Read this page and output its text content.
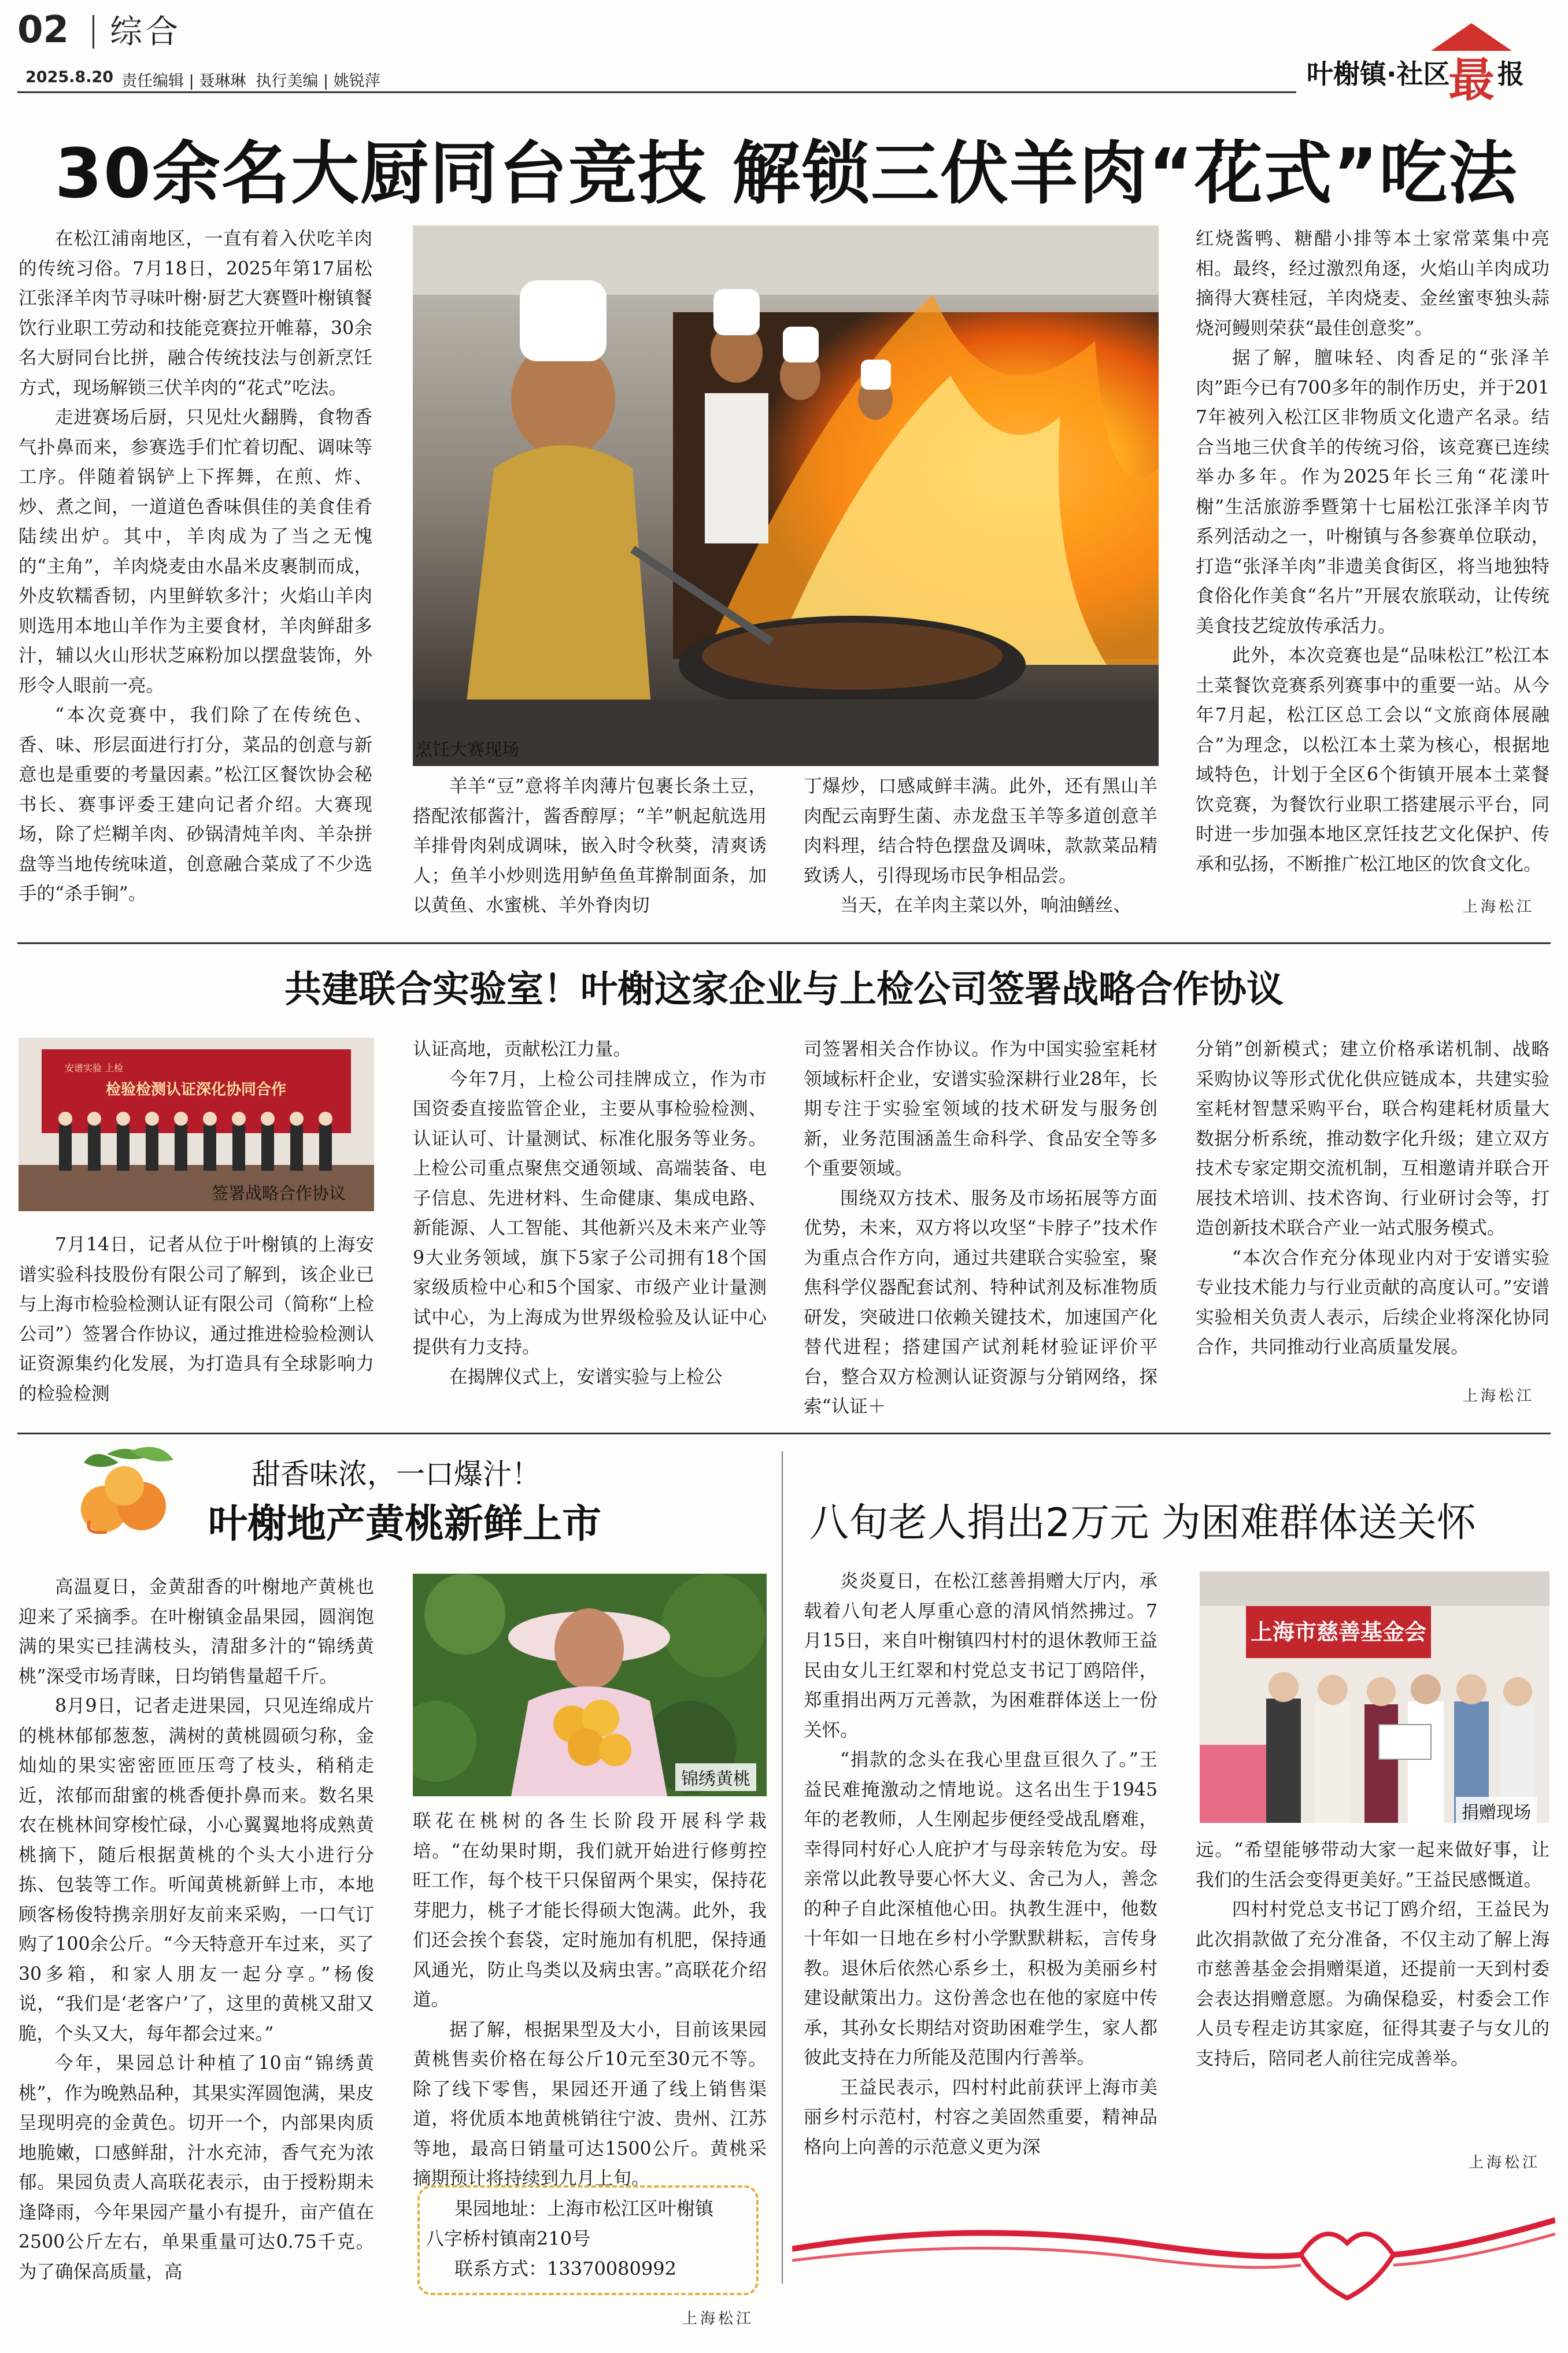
02 综合
2025.8.20 责任编辑 | 聂琳琳  执行美编 | 姚锐萍	叶榭镇·社区
最 报
30余名大厨同台竞技 解锁三伏羊肉“花式”吃法

在松江浦南地区，一直有着入伏吃羊肉的传统习俗。7月18日，2025年第17届松江张泽羊肉节寻味叶榭·厨艺大赛暨叶榭镇餐饮行业职工劳动和技能竞赛拉开帷幕，30余名大厨同台比拼，融合传统技法与创新烹饪方式，现场解锁三伏羊肉的“花式”吃法。

走进赛场后厨，只见灶火翻腾，食物香气扑鼻而来，参赛选手们忙着切配、调味等工序。伴随着锅铲上下挥舞，在煎、炸、炒、煮之间，一道道色香味俱佳的美食佳肴陆续出炉。其中，羊肉成为了当之无愧的“主角”，羊肉烧麦由水晶米皮裹制而成，外皮软糯香韧，内里鲜软多汁；火焰山羊肉则选用本地山羊作为主要食材，羊肉鲜甜多汁，辅以火山形状芝麻粉加以摆盘装饰，外形令人眼前一亮。

“本次竞赛中，我们除了在传统色、香、味、形层面进行打分，菜品的创意与新意也是重要的考量因素。”松江区餐饮协会秘书长、赛事评委王建向记者介绍。大赛现场，除了烂糊羊肉、砂锅清炖羊肉、羊杂拼盘等当地传统味道，创意融合菜成了不少选手的“杀手锏”。

烹饪大赛现场

羊羊“豆”意将羊肉薄片包裹长条土豆，搭配浓郁酱汁，酱香醇厚；“羊”帆起航选用羊排骨肉剁成调味，嵌入时令秋葵，清爽诱人；鱼羊小炒则选用鲈鱼鱼茸擀制面条，加以黄鱼、水蜜桃、羊外脊肉切

丁爆炒，口感咸鲜丰满。此外，还有黑山羊肉配云南野生菌、赤龙盘玉羊等多道创意羊肉料理，结合特色摆盘及调味，款款菜品精致诱人，引得现场市民争相品尝。

当天，在羊肉主菜以外，响油鳝丝、

红烧酱鸭、糖醋小排等本土家常菜集中亮相。最终，经过激烈角逐，火焰山羊肉成功摘得大赛桂冠，羊肉烧麦、金丝蜜枣独头蒜烧河鳗则荣获“最佳创意奖”。

据了解，膻味轻、肉香足的“张泽羊肉”距今已有700多年的制作历史，并于2017年被列入松江区非物质文化遗产名录。结合当地三伏食羊的传统习俗，该竞赛已连续举办多年。作为2025年长三角“花漾叶榭”生活旅游季暨第十七届松江张泽羊肉节系列活动之一，叶榭镇与各参赛单位联动，打造“张泽羊肉”非遗美食街区，将当地独特食俗化作美食“名片”开展农旅联动，让传统美食技艺绽放传承活力。

此外，本次竞赛也是“品味松江”松江本土菜餐饮竞赛系列赛事中的重要一站。从今年7月起，松江区总工会以“文旅商体展融合”为理念，以松江本土菜为核心，根据地域特色，计划于全区6个街镇开展本土菜餐饮竞赛，为餐饮行业职工搭建展示平台，同时进一步加强本地区烹饪技艺文化保护、传承和弘扬，不断推广松江地区的饮食文化。

上海松江
共建联合实验室！叶榭这家企业与上检公司签署战略合作协议
安谱实验 上检
检验检测认证深化协同合作
签署战略合作协议

7月14日，记者从位于叶榭镇的上海安谱实验科技股份有限公司了解到，该企业已与上海市检验检测认证有限公司（简称“上检公司”）签署合作协议，通过推进检验检测认证资源集约化发展，为打造具有全球影响力的检验检测

认证高地，贡献松江力量。

今年7月，上检公司挂牌成立，作为市国资委直接监管企业，主要从事检验检测、认证认可、计量测试、标准化服务等业务。上检公司重点聚焦交通领域、高端装备、电子信息、先进材料、生命健康、集成电路、新能源、人工智能、其他新兴及未来产业等9大业务领域，旗下5家子公司拥有18个国家级质检中心和5个国家、市级产业计量测试中心，为上海成为世界级检验及认证中心提供有力支持。

在揭牌仪式上，安谱实验与上检公

司签署相关合作协议。作为中国实验室耗材领域标杆企业，安谱实验深耕行业28年，长期专注于实验室领域的技术研发与服务创新，业务范围涵盖生命科学、食品安全等多个重要领域。

围绕双方技术、服务及市场拓展等方面优势，未来，双方将以攻坚“卡脖子”技术作为重点合作方向，通过共建联合实验室，聚焦科学仪器配套试剂、特种试剂及标准物质研发，突破进口依赖关键技术，加速国产化替代进程；搭建国产试剂耗材验证评价平台，整合双方检测认证资源与分销网络，探索“认证＋

分销”创新模式；建立价格承诺机制、战略采购协议等形式优化供应链成本，共建实验室耗材智慧采购平台，联合构建耗材质量大数据分析系统，推动数字化升级；建立双方技术专家定期交流机制，互相邀请并联合开展技术培训、技术咨询、行业研讨会等，打造创新技术联合产业一站式服务模式。

“本次合作充分体现业内对于安谱实验专业技术能力与行业贡献的高度认可。”安谱实验相关负责人表示，后续企业将深化协同合作，共同推动行业高质量发展。

上海松江
甜香味浓，一口爆汁！
叶榭地产黄桃新鲜上市

高温夏日，金黄甜香的叶榭地产黄桃也迎来了采摘季。在叶榭镇金晶果园，圆润饱满的果实已挂满枝头，清甜多汁的“锦绣黄桃”深受市场青睐，日均销售量超千斤。

8月9日，记者走进果园，只见连绵成片的桃林郁郁葱葱，满树的黄桃圆硕匀称，金灿灿的果实密密匝匝压弯了枝头，稍稍走近，浓郁而甜蜜的桃香便扑鼻而来。数名果农在桃林间穿梭忙碌，小心翼翼地将成熟黄桃摘下，随后根据黄桃的个头大小进行分拣、包装等工作。听闻黄桃新鲜上市，本地顾客杨俊特携亲朋好友前来采购，一口气订购了100余公斤。“今天特意开车过来，买了30多箱，和家人朋友一起分享。”杨俊说，“我们是‘老客户’了，这里的黄桃又甜又脆，个头又大，每年都会过来。”

今年，果园总计种植了10亩“锦绣黄桃”，作为晚熟品种，其果实浑圆饱满，果皮呈现明亮的金黄色。切开一个，内部果肉质地脆嫩，口感鲜甜，汁水充沛，香气充为浓郁。果园负责人高联花表示，由于授粉期未逢降雨，今年果园产量小有提升，亩产值在2500公斤左右，单果重量可达0.75千克。为了确保高质量，高

锦绣黄桃

联花在桃树的各生长阶段开展科学栽培。“在幼果时期，我们就开始进行修剪控旺工作，每个枝干只保留两个果实，保持花芽肥力，桃子才能长得硕大饱满。此外，我们还会挨个套袋，定时施加有机肥，保持通风通光，防止鸟类以及病虫害。”高联花介绍道。

据了解，根据果型及大小，目前该果园黄桃售卖价格在每公斤10元至30元不等。除了线下零售，果园还开通了线上销售渠道，将优质本地黄桃销往宁波、贵州、江苏等地，最高日销量可达1500公斤。黄桃采摘期预计将持续到九月上旬。

果园地址：上海市松江区叶榭镇
八字桥村镇南210号
联系方式：13370080992
上海松江
八旬老人捐出2万元 为困难群体送关怀

炎炎夏日，在松江慈善捐赠大厅内，承载着八旬老人厚重心意的清风悄然拂过。7月15日，来自叶榭镇四村村的退休教师王益民由女儿王红翠和村党总支书记丁鸥陪伴，郑重捐出两万元善款，为困难群体送上一份关怀。

“捐款的念头在我心里盘亘很久了。”王益民难掩激动之情地说。这名出生于1945年的老教师，人生刚起步便经受战乱磨难，幸得同村好心人庇护才与母亲转危为安。母亲常以此教导要心怀大义、舍己为人，善念的种子自此深植他心田。执教生涯中，他数十年如一日地在乡村小学默默耕耘，言传身教。退休后依然心系乡土，积极为美丽乡村建设献策出力。这份善念也在他的家庭中传承，其孙女长期结对资助困难学生，家人都彼此支持在力所能及范围内行善举。

王益民表示，四村村此前获评上海市美丽乡村示范村，村容之美固然重要，精神品格向上向善的示范意义更为深

上海市慈善基金会
捐赠现场

远。“希望能够带动大家一起来做好事，让我们的生活会变得更美好。”王益民感慨道。

四村村党总支书记丁鸥介绍，王益民为此次捐款做了充分准备，不仅主动了解上海市慈善基金会捐赠渠道，还提前一天到村委会表达捐赠意愿。为确保稳妥，村委会工作人员专程走访其家庭，征得其妻子与女儿的支持后，陪同老人前往完成善举。

上海松江
